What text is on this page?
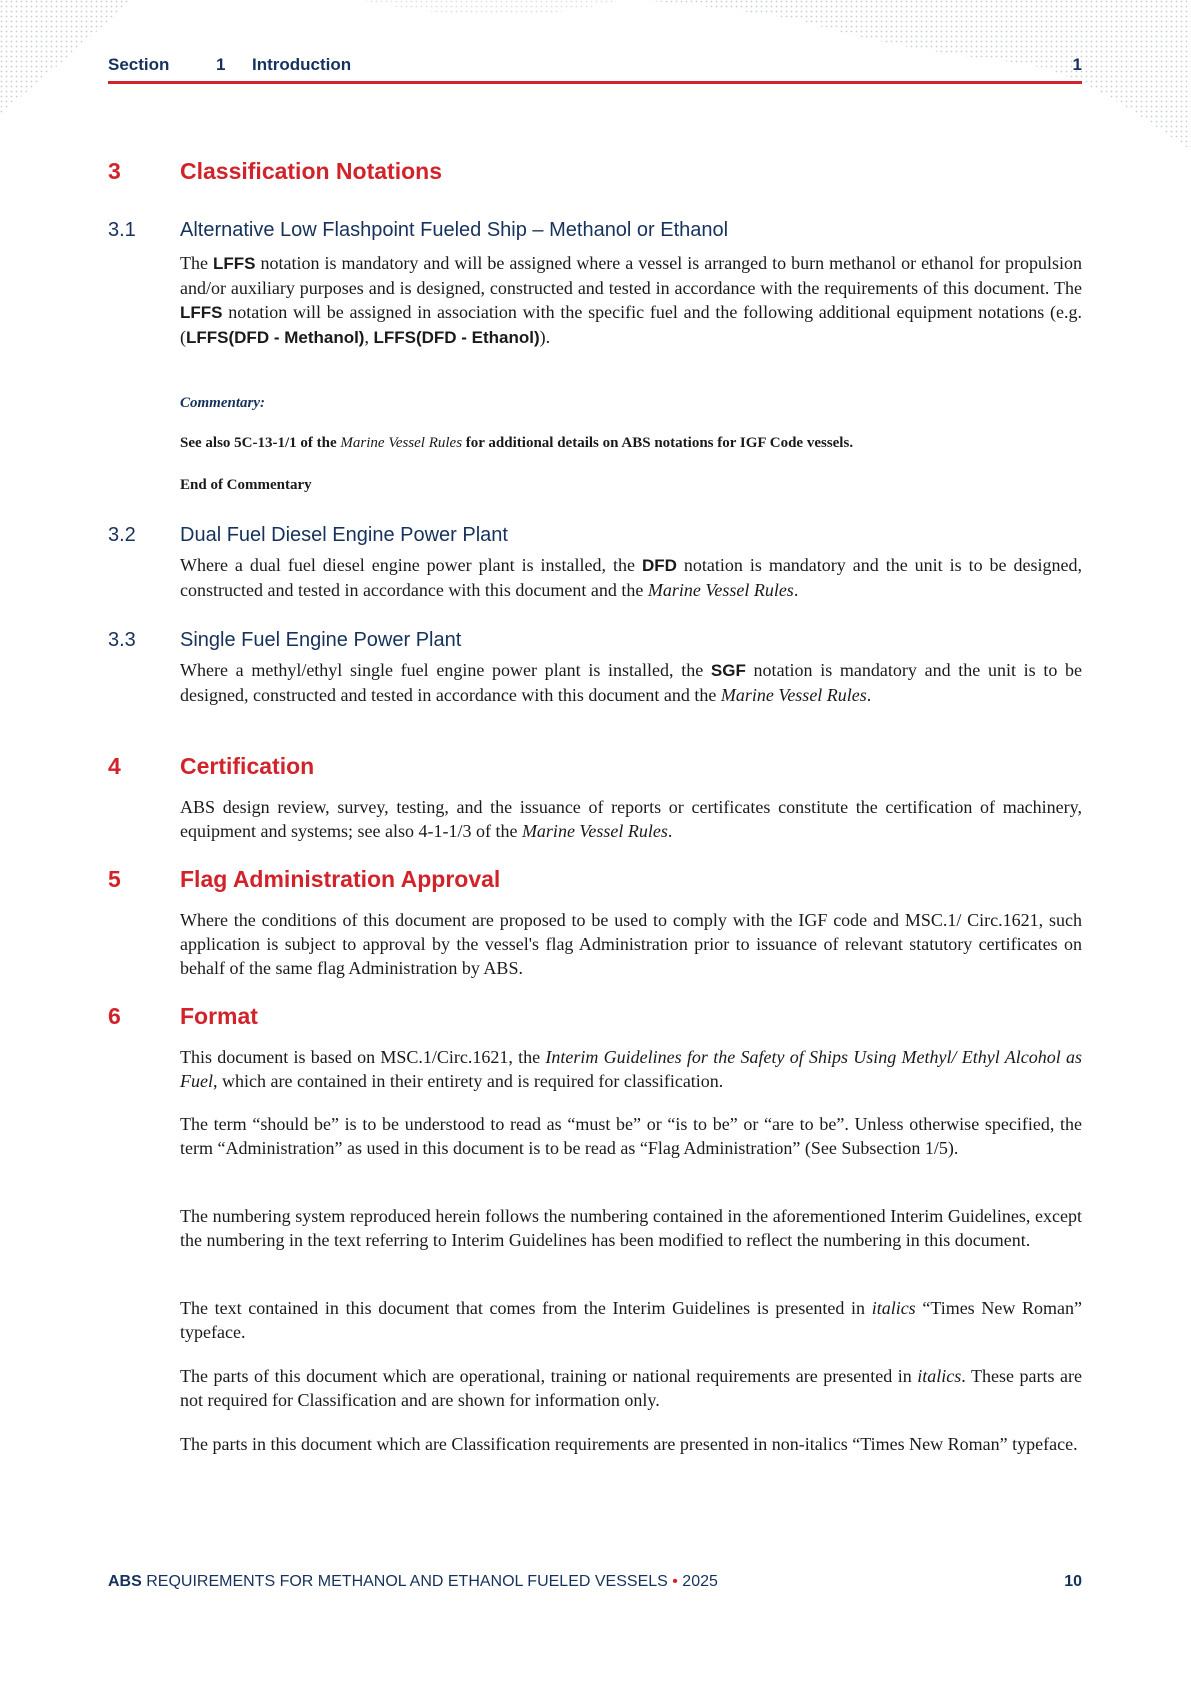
Section	1 Introduction	1
3	Classification Notations
3.1 Alternative Low Flashpoint Fueled Ship – Methanol or Ethanol

The LFFS notation is mandatory and will be assigned where a vessel is arranged to burn methanol or ethanol for propulsion and/or auxiliary purposes and is designed, constructed and tested in accordance with the requirements of this document. The LFFS notation will be assigned in association with the specific fuel and the following additional equipment notations (e.g. (LFFS(DFD - Methanol), LFFS(DFD - Ethanol)).

Commentary:
See also 5C-13-1/1 of the Marine Vessel Rules for additional details on ABS notations for IGF Code vessels.
End of Commentary
3.2 Dual Fuel Diesel Engine Power Plant

Where a dual fuel diesel engine power plant is installed, the DFD notation is mandatory and the unit is to be designed, constructed and tested in accordance with this document and the Marine Vessel Rules.

3.3 Single Fuel Engine Power Plant

Where a methyl/ethyl single fuel engine power plant is installed, the SGF notation is mandatory and the unit is to be designed, constructed and tested in accordance with this document and the Marine Vessel Rules.

4	Certification

ABS design review, survey, testing, and the issuance of reports or certificates constitute the certification of machinery, equipment and systems; see also 4-1-1/3 of the Marine Vessel Rules.

5	Flag Administration Approval

Where the conditions of this document are proposed to be used to comply with the IGF code and MSC.1/ Circ.1621, such application is subject to approval by the vessel's flag Administration prior to issuance of relevant statutory certificates on behalf of the same flag Administration by ABS.

6	Format

This document is based on MSC.1/Circ.1621, the Interim Guidelines for the Safety of Ships Using Methyl/ Ethyl Alcohol as Fuel, which are contained in their entirety and is required for classification.

The term “should be” is to be understood to read as “must be” or “is to be” or “are to be”. Unless otherwise specified, the term “Administration” as used in this document is to be read as “Flag Administration” (See Subsection 1/5).

The numbering system reproduced herein follows the numbering contained in the aforementioned Interim Guidelines, except the numbering in the text referring to Interim Guidelines has been modified to reflect the numbering in this document.

The text contained in this document that comes from the Interim Guidelines is presented in italics “Times New Roman” typeface.

The parts of this document which are operational, training or national requirements are presented in italics. These parts are not required for Classification and are shown for information only.

The parts in this document which are Classification requirements are presented in non-italics “Times New Roman” typeface.

ABS REQUIREMENTS FOR METHANOL AND ETHANOL FUELED VESSELS • 2025	10
